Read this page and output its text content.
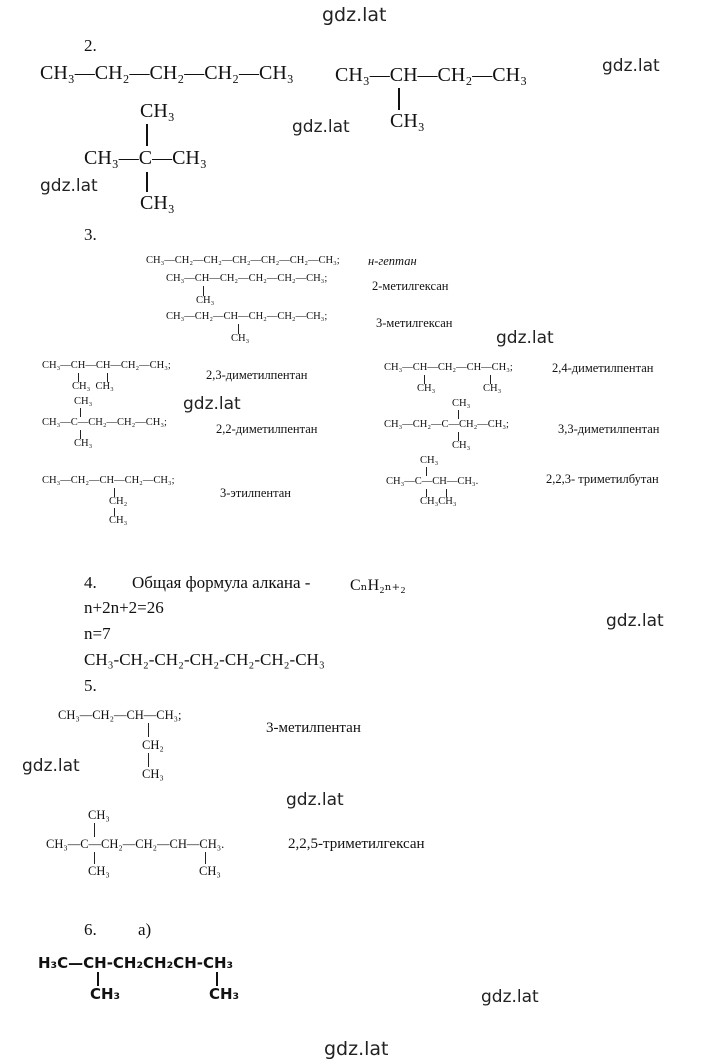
gdz.lat
gdz.lat
gdz.lat
gdz.lat
gdz.lat
gdz.lat
gdz.lat
gdz.lat
gdz.lat
gdz.lat
gdz.lat
2.
CH₃—CH₂—CH₂—CH₂—CH₃ CH₃—CH—CH₂—CH₃
CH₃
CH₃
CH₃—C—CH₃
CH₃
3.
CH₃—CH₂—CH₂—CH₂—CH₂—CH₂—CH₃; н-гептан
CH₃—CH—CH₂—CH₂—CH₂—CH₃;
CH₃
2-метилгексан
CH₃—CH₂—CH—CH₂—CH₂—CH₃;
CH₃
3-метилгексан
CH₃—CH—CH—CH₂—CH₃;
CH₃  CH₃
2,3-диметилпентан
CH₃—CH—CH₂—CH—CH₃;
CH₃	CH₃
2,4-диметилпентан
CH₃
CH₃—C—CH₂—CH₂—CH₃;
CH₃
2,2-диметилпентан
CH₃
CH₃—CH₂—C—CH₂—CH₃;
CH₃
3,3-диметилпентан
CH₃—CH₂—CH—CH₂—CH₃;
CH₂
CH₃
3-этилпентан
CH₃
CH₃—C—CH—CH₃.
CH₃CH₃
2,2,3- триметилбутан
4. Общая формула алкана - CₙH₂ₙ₊₂
n+2n+2=26
n=7
CH₃-CH₂-CH₂-CH₂-CH₂-CH₂-CH₃
5.
CH₃—CH₂—CH—CH₃;
CH₂
CH₃
3-метилпентан
CH₃
CH₃—C—CH₂—CH₂—CH—CH₃.
CH₃	CH₃
2,2,5-триметилгексан
6. а)
H₃C—CH-CH₂CH₂CH-CH₃
CH₃	CH₃
